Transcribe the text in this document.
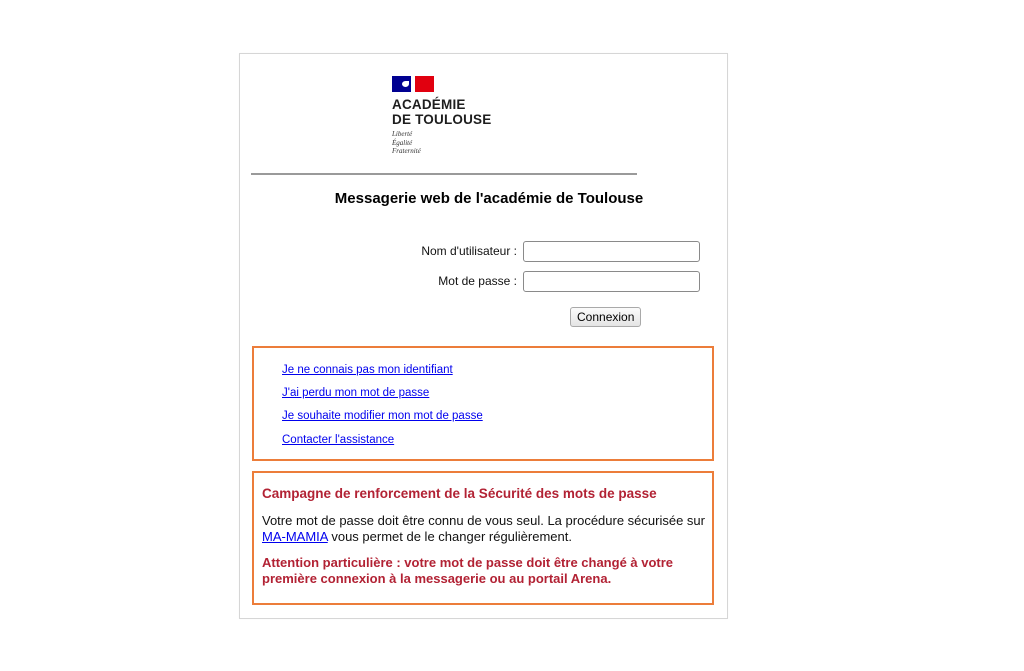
ACADÉMIE
DE TOULOUSE
Liberté
Égalité
Fraternité
Messagerie web de l'académie de Toulouse
Nom d'utilisateur :
Mot de passe :
Connexion
Je ne connais pas mon identifiant
J'ai perdu mon mot de passe
Je souhaite modifier mon mot de passe
Contacter l'assistance
Campagne de renforcement de la Sécurité des mots de passe
Votre mot de passe doit être connu de vous seul. La procédure sécurisée sur MA-MAMIA vous permet de le changer régulièrement.
Attention particulière : votre mot de passe doit être changé à votre première connexion à la messagerie ou au portail Arena.
